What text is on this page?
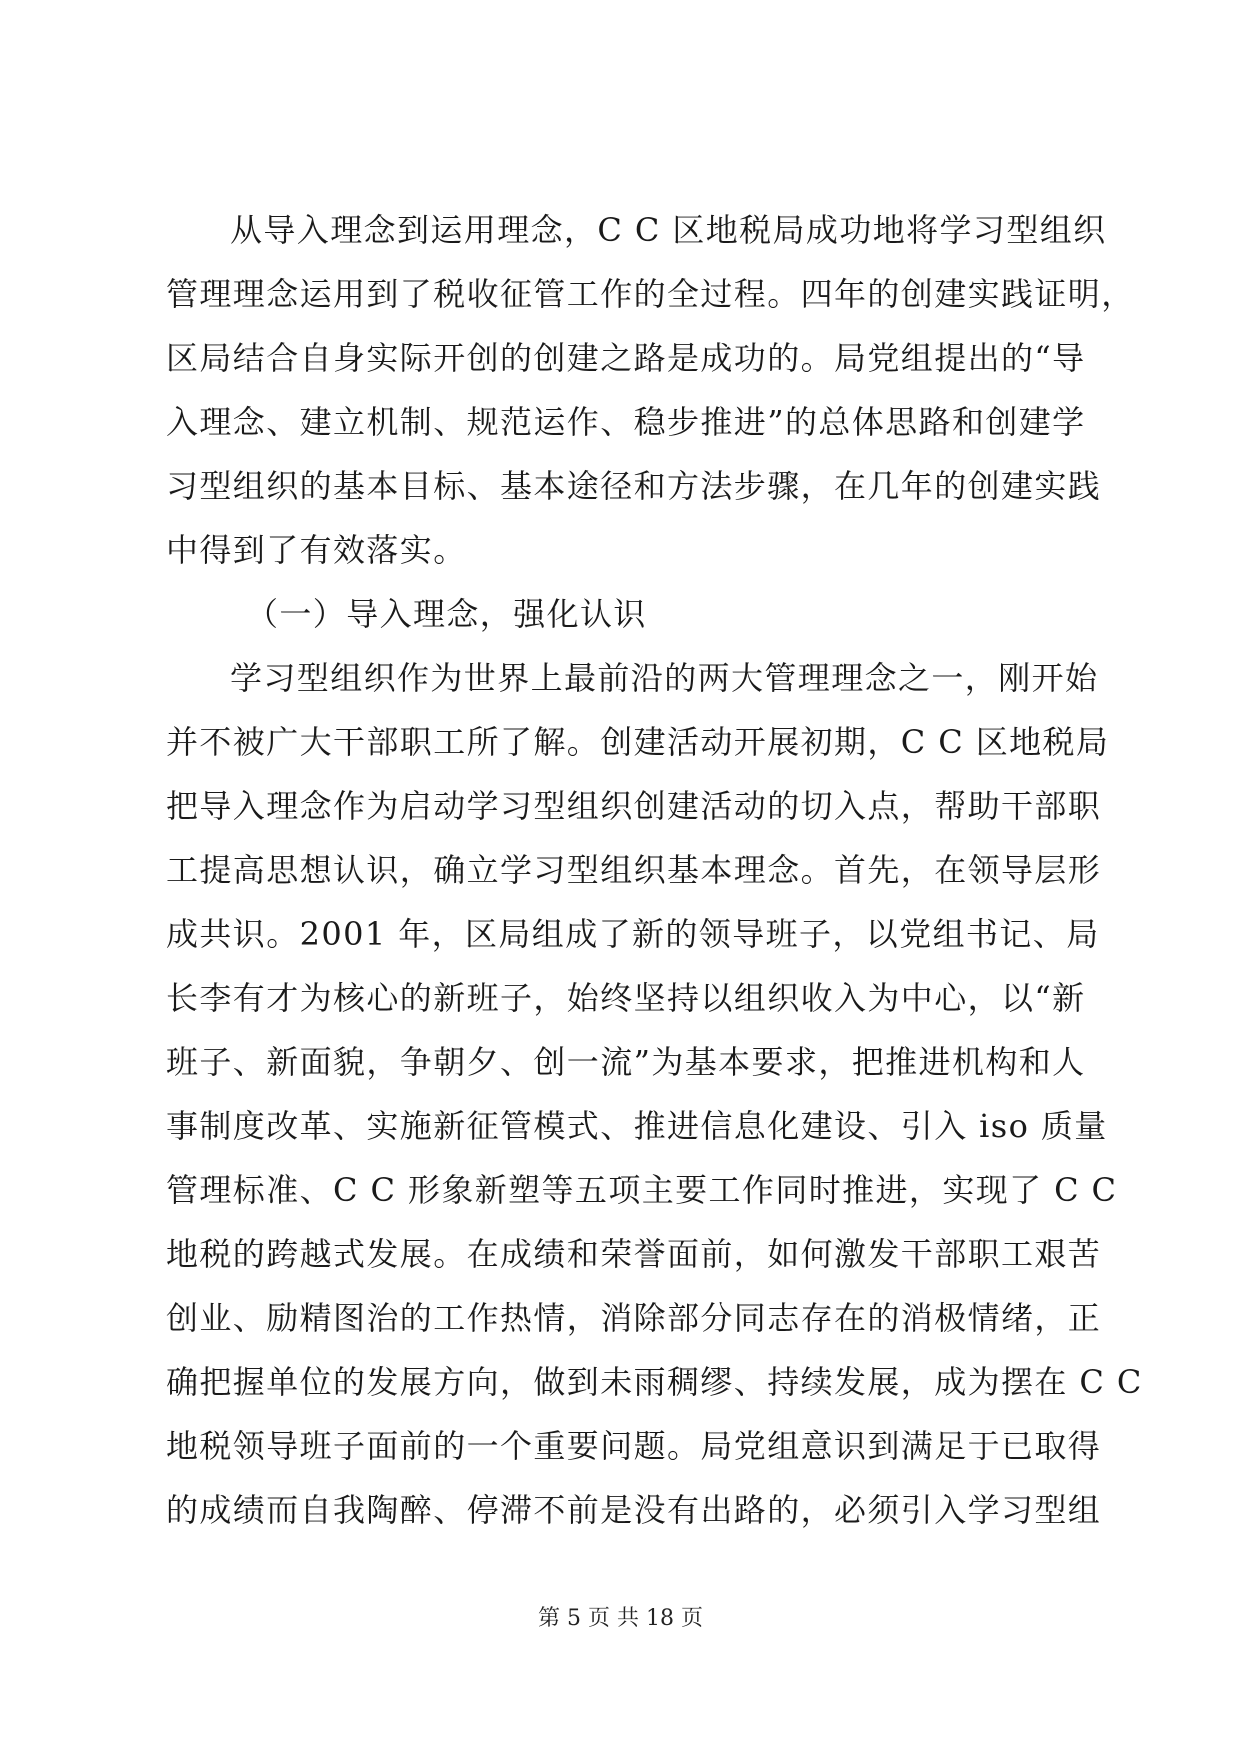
从导入理念到运用理念，C C 区地税局成功地将学习型组织
管理理念运用到了税收征管工作的全过程。四年的创建实践证明，
区局结合自身实际开创的创建之路是成功的。局党组提出的“导
入理念、建立机制、规范运作、稳步推进”的总体思路和创建学
习型组织的基本目标、基本途径和方法步骤，在几年的创建实践
中得到了有效落实。
（一）导入理念，强化认识
学习型组织作为世界上最前沿的两大管理理念之一，刚开始
并不被广大干部职工所了解。创建活动开展初期，C C 区地税局
把导入理念作为启动学习型组织创建活动的切入点，帮助干部职
工提高思想认识，确立学习型组织基本理念。首先，在领导层形
成共识。2001 年，区局组成了新的领导班子，以党组书记、局
长李有才为核心的新班子，始终坚持以组织收入为中心，以“新
班子、新面貌，争朝夕、创一流”为基本要求，把推进机构和人
事制度改革、实施新征管模式、推进信息化建设、引入 iso 质量
管理标准、C C 形象新塑等五项主要工作同时推进，实现了 C C
地税的跨越式发展。在成绩和荣誉面前，如何激发干部职工艰苦
创业、励精图治的工作热情，消除部分同志存在的消极情绪，正
确把握单位的发展方向，做到未雨稠缪、持续发展，成为摆在 C C
地税领导班子面前的一个重要问题。局党组意识到满足于已取得
的成绩而自我陶醉、停滞不前是没有出路的，必须引入学习型组
第 5 页 共 18 页
